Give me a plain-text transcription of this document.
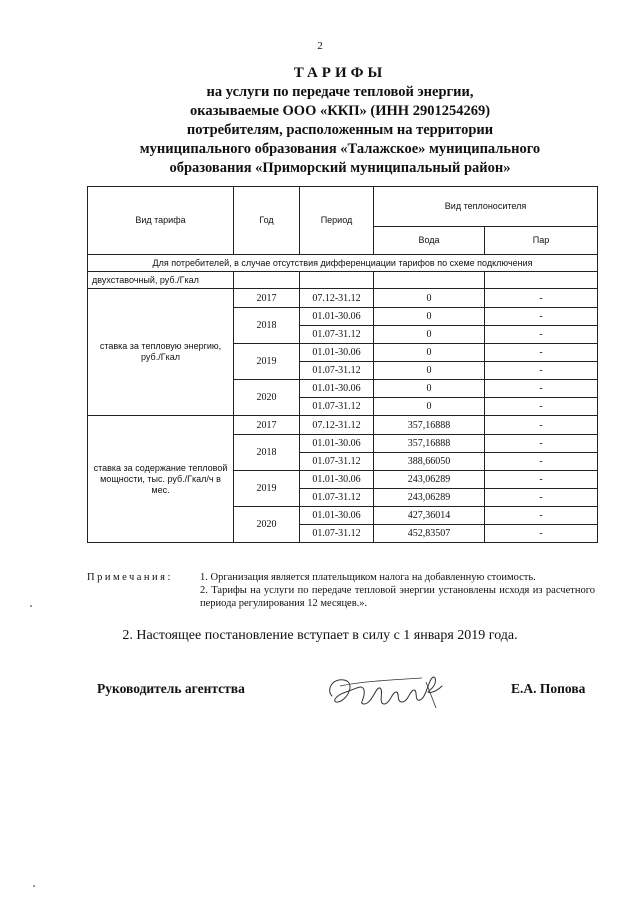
2
ТАРИФЫ
на услуги по передаче тепловой энергии,
оказываемые ООО «ККП» (ИНН 2901254269)
потребителям, расположенным на территории
муниципального образования «Талажское» муниципального
образования «Приморский муниципальный район»
Вид тарифа	Год	Период	Вид теплоносителя	
			Вода	Пар
Для потребителей, в случае отсутствия дифференциации тарифов по схеме подключения				
двухставочный, руб./Гкал				
ставка за тепловую энергию, руб./Гкал	2017	07.12-31.12	0	-
	2018	01.01-30.06	0	-
		01.07-31.12	0	-
	2019	01.01-30.06	0	-
		01.07-31.12	0	-
	2020	01.01-30.06	0	-
		01.07-31.12	0	-
ставка за содержание тепловой мощности, тыс. руб./Гкал/ч в мес.	2017	07.12-31.12	357,16888	-
	2018	01.01-30.06	357,16888	-
		01.07-31.12	388,66050	-
	2019	01.01-30.06	243,06289	-
		01.07-31.12	243,06289	-
	2020	01.01-30.06	427,36014	-
		01.07-31.12	452,83507	-
Примечания:	1. Организация является плательщиком налога на добавленную стоимость.
2. Тарифы на услуги по передаче тепловой энергии установлены исходя из расчетного периода регулирования 12 месяцев.».
2. Настоящее постановление вступает в силу с 1 января 2019 года.
Руководитель агентства	Е.А. Попова
